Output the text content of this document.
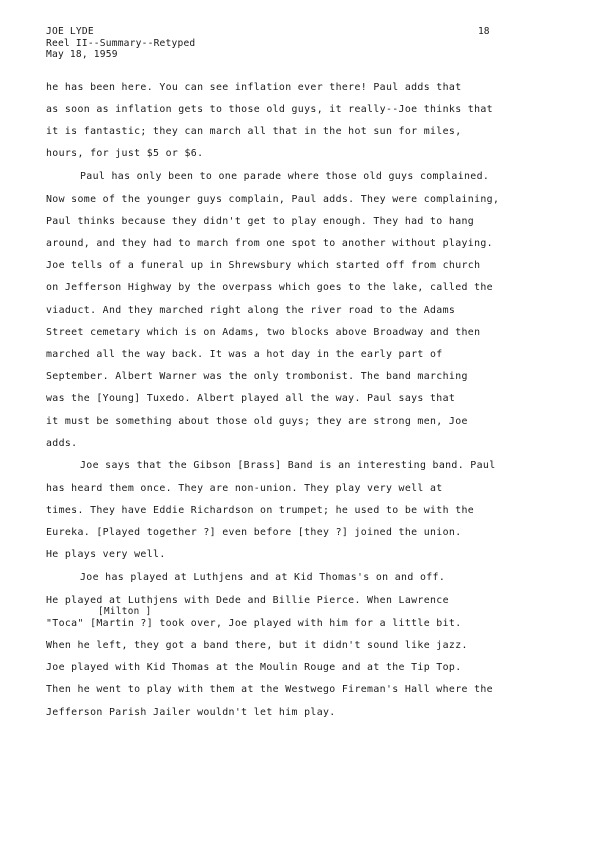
JOE LYDE
Reel II--Summary--Retyped
May 18, 1959
18
he has been here. You can see inflation ever there! Paul adds that
as soon as inflation gets to those old guys, it really--Joe thinks that
it is fantastic; they can march all that in the hot sun for miles,
hours, for just $5 or $6.
Paul has only been to one parade where those old guys complained.
Now some of the younger guys complain, Paul adds. They were complaining,
Paul thinks because they didn't get to play enough. They had to hang
around, and they had to march from one spot to another without playing.
Joe tells of a funeral up in Shrewsbury which started off from church
on Jefferson Highway by the overpass which goes to the lake, called the
viaduct. And they marched right along the river road to the Adams
Street cemetary which is on Adams, two blocks above Broadway and then
marched all the way back. It was a hot day in the early part of
September. Albert Warner was the only trombonist. The band marching
was the [Young] Tuxedo. Albert played all the way. Paul says that
it must be something about those old guys; they are strong men, Joe
adds.
Joe says that the Gibson [Brass] Band is an interesting band. Paul
has heard them once. They are non-union. They play very well at
times. They have Eddie Richardson on trumpet; he used to be with the
Eureka. [Played together ?] even before [they ?] joined the union.
He plays very well.
Joe has played at Luthjens and at Kid Thomas's on and off.
He played at Luthjens with Dede and Billie Pierce. When Lawrence
[Milton ]
"Toca" [Martin ?] took over, Joe played with him for a little bit.
When he left, they got a band there, but it didn't sound like jazz.
Joe played with Kid Thomas at the Moulin Rouge and at the Tip Top.
Then he went to play with them at the Westwego Fireman's Hall where the
Jefferson Parish Jailer wouldn't let him play.
